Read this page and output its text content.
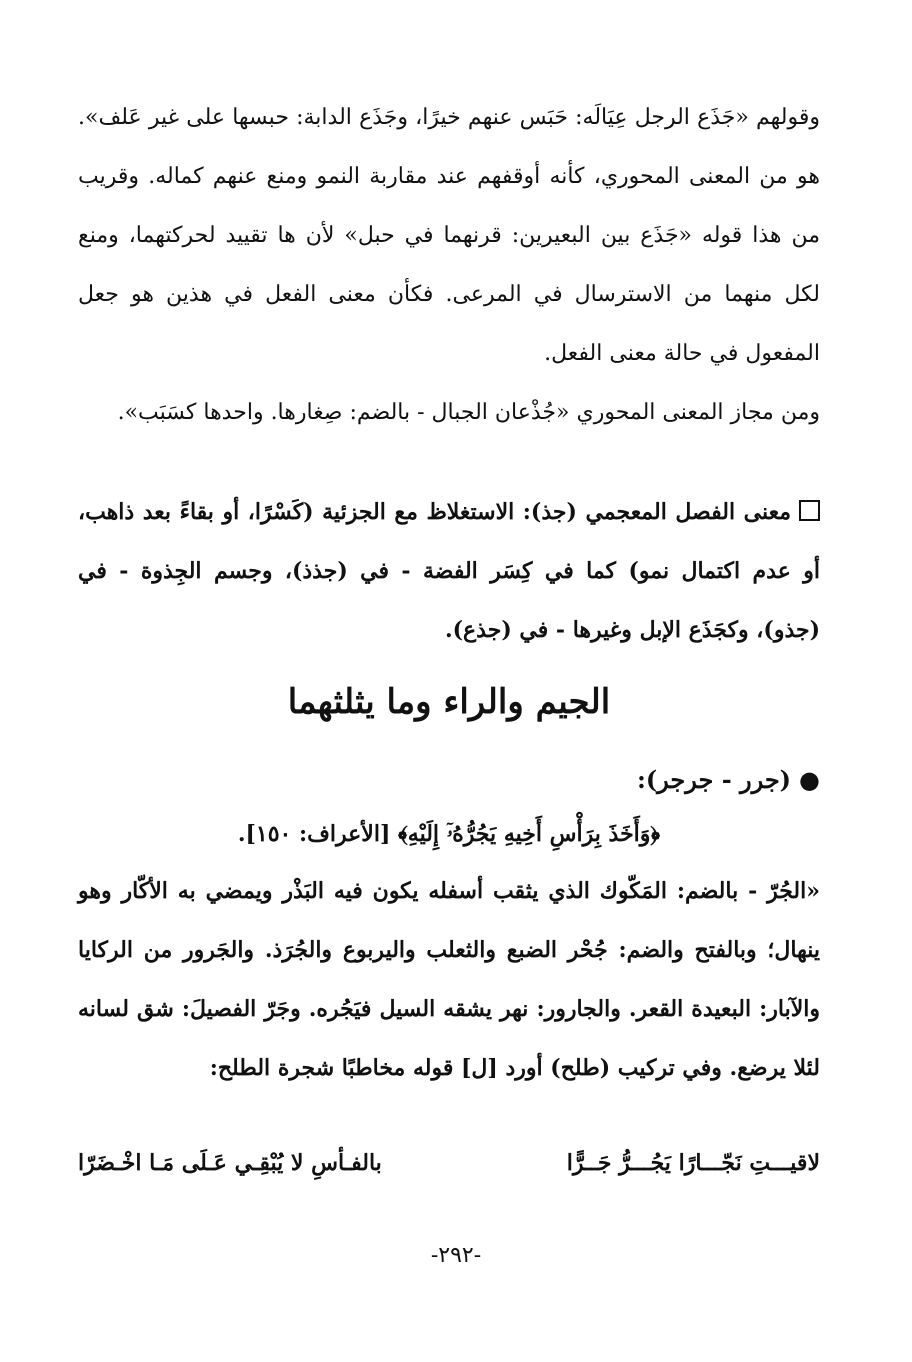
وقولهم «جَذَع الرجل عِيَالَه: حَبَس عنهم خيرًا، وجَذَع الدابة: حبسها على غير عَلف». هو من المعنى المحوري، كأنه أوقفهم عند مقاربة النمو ومنع عنهم كماله. وقريب من هذا قوله «جَذَع بين البعيرين: قرنهما في حبل» لأن ها تقييد لحركتهما، ومنع لكل منهما من الاسترسال في المرعى. فكأن معنى الفعل في هذين هو جعل المفعول في حالة معنى الفعل.

ومن مجاز المعنى المحوري «جُذْعان الجبال - بالضم: صِغارها. واحدها كسَبَب».

معنى الفصل المعجمي (جذ): الاستغلاظ مع الجزئية (كَسْرًا، أو بقاءً بعد ذاهب، أو عدم اكتمال نمو) كما في كِسَر الفضة - في (جذذ)، وجسم الجِذوة - في (جذو)، وكجَذَع الإبل وغيرها - في (جذع).

الجيم والراء وما يثلثهما
●(جرر - جرجر):
﴿وَأَخَذَ بِرَأْسِ أَخِيهِ يَجُرُّهُۥٓ إِلَيْهِ﴾ [الأعراف: ١٥٠].

«الجُرّ - بالضم: المَكّوك الذي يثقب أسفله يكون فيه البَذْر ويمضي به الأكّار وهو ينهال؛ وبالفتح والضم: جُحْر الضبع والثعلب واليربوع والجُرَذ. والجَرور من الركايا والآبار: البعيدة القعر. والجارور: نهر يشقه السيل فيَجُره. وجَرّ الفصيلَ: شق لسانه لئلا يرضع. وفي تركيب (طلح) أورد [ل] قوله مخاطبًا شجرة الطلح:

لاقيـــتِ نَجّـــارًا يَجُـــرُّ جَــرًّا
بالفـأسِ لا يُبْقِـي عَـلَى مَـا اخْـضَرّا
-٢٩٢-
